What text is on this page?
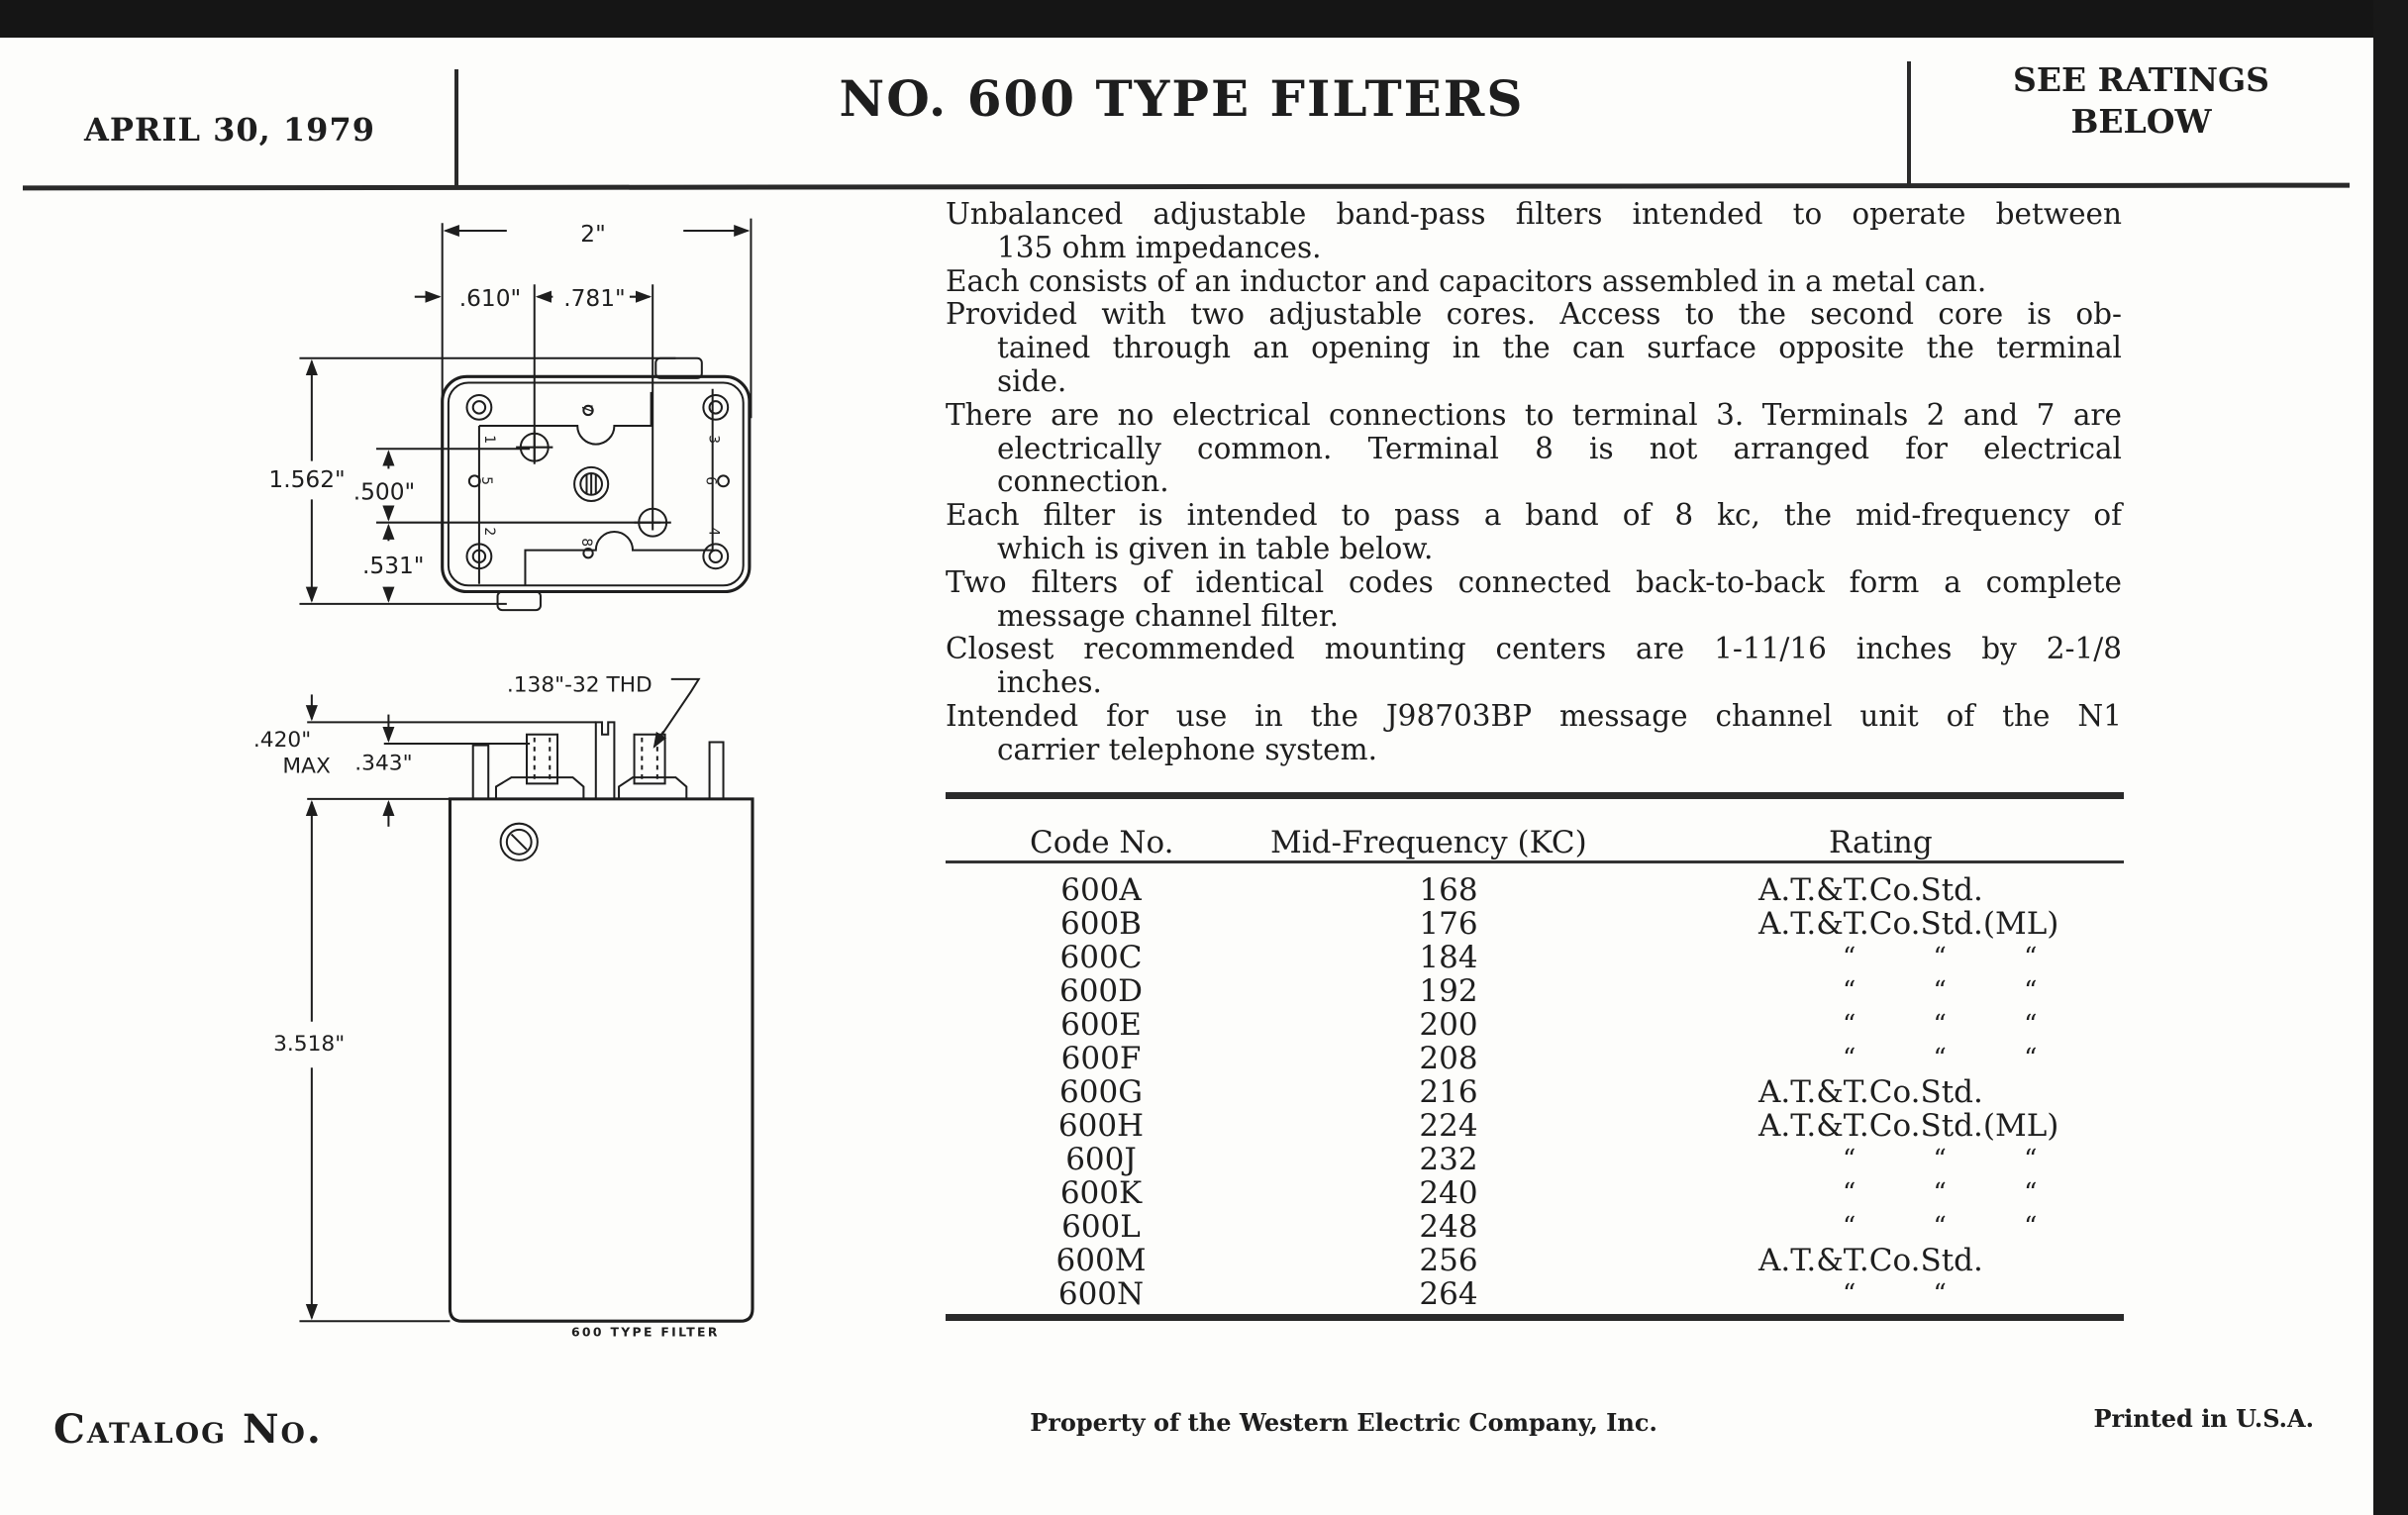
APRIL 30, 1979
NO. 600 TYPE FILTERS	SEE RATINGS
BELOW
1
2
3
4
5	6
7
8
2"
.610"	.781"
1.562" .500"
.531"
.138"-32 THD
.420"
MAX .343"
3.518"
600 TYPE FILTER
Unbalanced adjustable band-pass filters intended to operate between
135 ohm impedances.
Each consists of an inductor and capacitors assembled in a metal can.
Provided with two adjustable cores. Access to the second core is ob-
tained through an opening in the can surface opposite the terminal
side.
There are no electrical connections to terminal 3. Terminals 2 and 7 are
electrically common. Terminal 8 is not arranged for electrical
connection.
Each filter is intended to pass a band of 8 kc, the mid-frequency of
which is given in table below.
Two filters of identical codes connected back-to-back form a complete
message channel filter.
Closest recommended mounting centers are 1-11/16 inches by 2-1/8
inches.
Intended for use in the J98703BP message channel unit of the N1
carrier telephone system.
Code No.	Mid-Frequency (KC)	Rating
600A	168	A.T.&T.Co.Std.
600B	176	A.T.&T.Co.Std.(ML)
600C	184	“ “ “
600D	192	“ “ “
600E	200	“ “ “
600F	208	“ “ “
600G	216	A.T.&T.Co.Std.
600H	224	A.T.&T.Co.Std.(ML)
600J	232	“ “ “
600K	240	“ “ “
600L	248	“ “ “
600M	256	A.T.&T.Co.Std.
600N	264	“ “
Catalog No.	Property of the Western Electric Company, Inc.	Printed in U.S.A.
